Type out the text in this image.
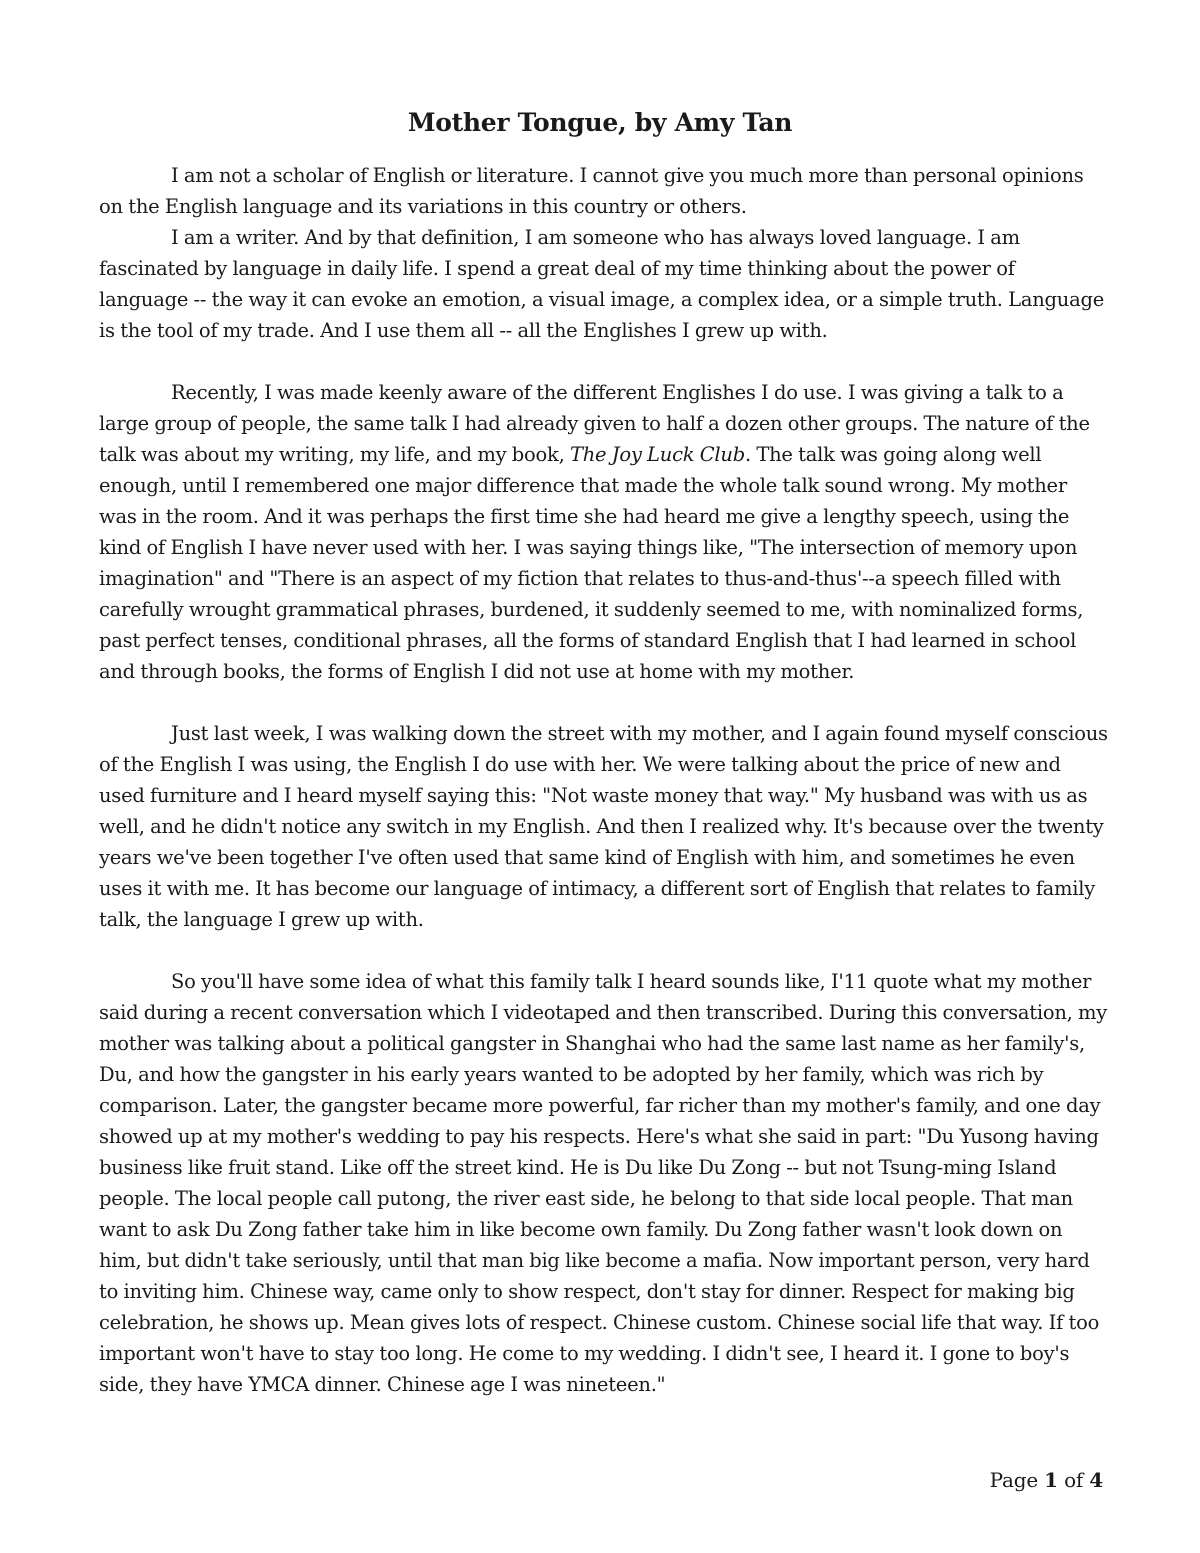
Mother Tongue, by Amy Tan

I am not a scholar of English or literature. I cannot give you much more than personal opinions on the English language and its variations in this country or others.

I am a writer. And by that definition, I am someone who has always loved language. I am fascinated by language in daily life. I spend a great deal of my time thinking about the power of language -- the way it can evoke an emotion, a visual image, a complex idea, or a simple truth. Language is the tool of my trade. And I use them all -- all the Englishes I grew up with.

Recently, I was made keenly aware of the different Englishes I do use. I was giving a talk to a large group of people, the same talk I had already given to half a dozen other groups. The nature of the talk was about my writing, my life, and my book, The Joy Luck Club. The talk was going along well enough, until I remembered one major difference that made the whole talk sound wrong. My mother was in the room. And it was perhaps the first time she had heard me give a lengthy speech, using the kind of English I have never used with her. I was saying things like, "The intersection of memory upon imagination" and "There is an aspect of my fiction that relates to thus-and-thus'--a speech filled with carefully wrought grammatical phrases, burdened, it suddenly seemed to me, with nominalized forms, past perfect tenses, conditional phrases, all the forms of standard English that I had learned in school and through books, the forms of English I did not use at home with my mother.

Just last week, I was walking down the street with my mother, and I again found myself conscious of the English I was using, the English I do use with her. We were talking about the price of new and used furniture and I heard myself saying this: "Not waste money that way." My husband was with us as well, and he didn't notice any switch in my English. And then I realized why. It's because over the twenty years we've been together I've often used that same kind of English with him, and sometimes he even uses it with me. It has become our language of intimacy, a different sort of English that relates to family talk, the language I grew up with.

So you'll have some idea of what this family talk I heard sounds like, I'11 quote what my mother said during a recent conversation which I videotaped and then transcribed. During this conversation, my mother was talking about a political gangster in Shanghai who had the same last name as her family's, Du, and how the gangster in his early years wanted to be adopted by her family, which was rich by comparison. Later, the gangster became more powerful, far richer than my mother's family, and one day showed up at my mother's wedding to pay his respects. Here's what she said in part: "Du Yusong having business like fruit stand. Like off the street kind. He is Du like Du Zong -- but not Tsung-ming Island people. The local people call putong, the river east side, he belong to that side local people. That man want to ask Du Zong father take him in like become own family. Du Zong father wasn't look down on him, but didn't take seriously, until that man big like become a mafia. Now important person, very hard to inviting him. Chinese way, came only to show respect, don't stay for dinner. Respect for making big celebration, he shows up. Mean gives lots of respect. Chinese custom. Chinese social life that way. If too important won't have to stay too long. He come to my wedding. I didn't see, I heard it. I gone to boy's side, they have YMCA dinner. Chinese age I was nineteen."

Page 1 of 4
